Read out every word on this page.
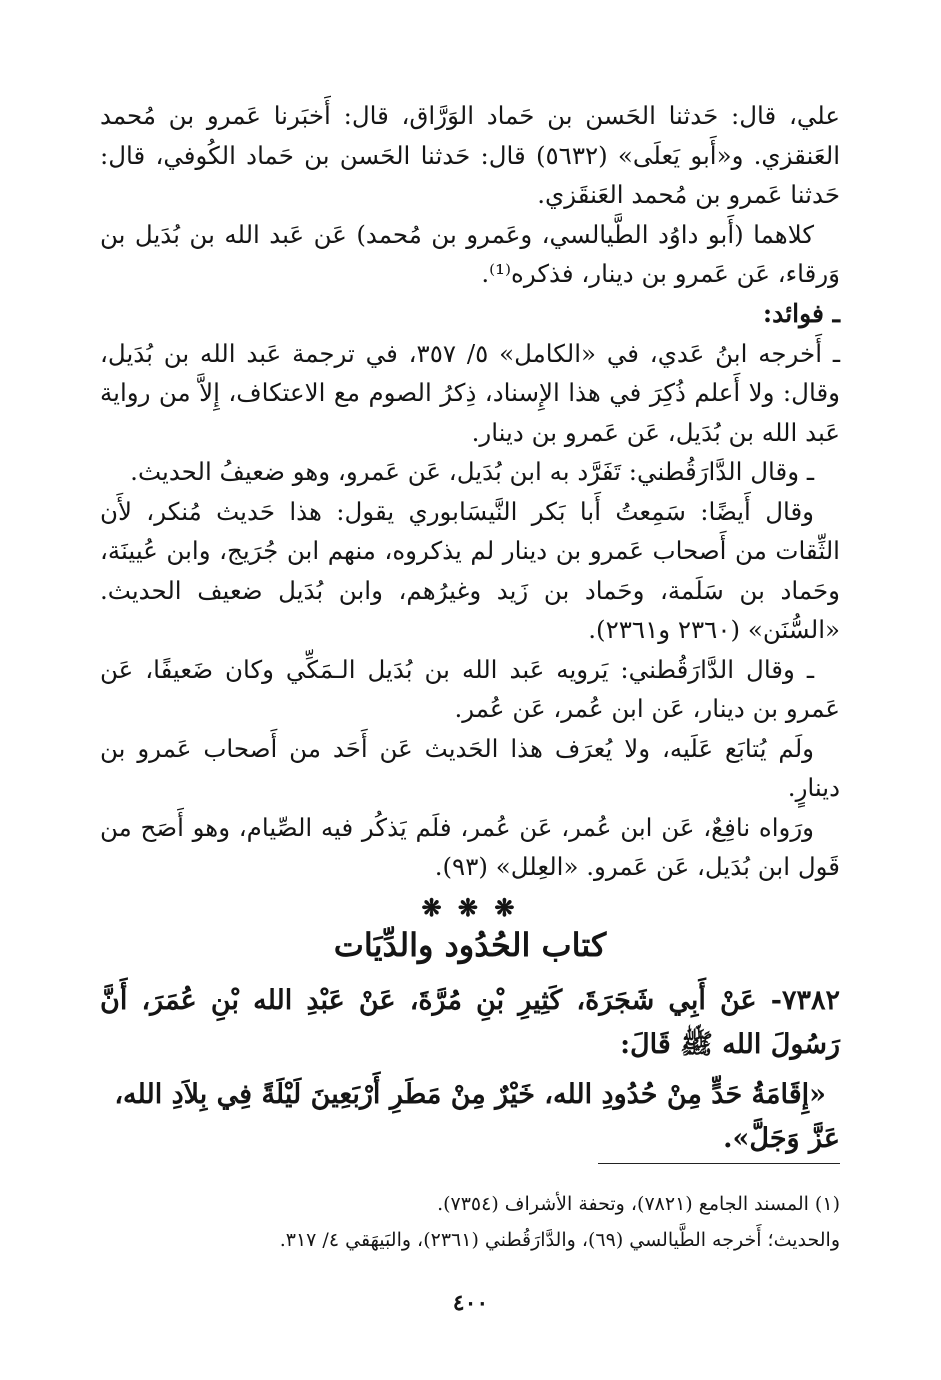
علي، قال: حَدثنا الحَسن بن حَماد الوَرَّاق، قال: أَخبَرنا عَمرو بن مُحمد العَنقزي. و«أَبو يَعلَى» (٥٦٣٢) قال: حَدثنا الحَسن بن حَماد الكُوفي، قال: حَدثنا عَمرو بن مُحمد العَنقَزي.

كلاهما (أَبو داوُد الطَّيالسي، وعَمرو بن مُحمد) عَن عَبد الله بن بُدَيل بن وَرقاء، عَن عَمرو بن دينار، فذكره⁽¹⁾.

ـ فوائد:

ـ أَخرجه ابنُ عَدي، في «الكامل» ٥/ ٣٥٧، في ترجمة عَبد الله بن بُدَيل، وقال: ولا أَعلم ذُكِرَ في هذا الإِسناد، ذِكرُ الصوم مع الاعتكاف، إِلاَّ من رواية عَبد الله بن بُدَيل، عَن عَمرو بن دينار.

ـ وقال الدَّارَقُطني: تَفَرَّد به ابن بُدَيل، عَن عَمرو، وهو ضعيفُ الحديث.

وقال أَيضًا: سَمِعتُ أَبا بَكر النَّيسَابوري يقول: هذا حَديث مُنكر، لأَن الثِّقات من أَصحاب عَمرو بن دينار لم يذكروه، منهم ابن جُرَيج، وابن عُيينَة، وحَماد بن سَلَمة، وحَماد بن زَيد وغيرُهم، وابن بُدَيل ضعيف الحديث. «السُّنَن» (٢٣٦٠ و٢٣٦١).

ـ وقال الدَّارَقُطني: يَرويه عَبد الله بن بُدَيل الـمَكِّي وكان ضَعيفًا، عَن عَمرو بن دينار، عَن ابن عُمر، عَن عُمر.

ولَم يُتابَع عَلَيه، ولا يُعرَف هذا الحَديث عَن أَحَد من أَصحاب عَمرو بن دينارٍ.

ورَواه نافِعٌ، عَن ابن عُمر، عَن عُمر، فلَم يَذكُر فيه الصِّيام، وهو أَصَح من قَول ابن بُدَيل، عَن عَمرو. «العِلل» (٩٣).

❋ ❋ ❋
كتاب الحُدُود والدِّيَات

٧٣٨٢- عَنْ أَبِي شَجَرَةَ، كَثِيرِ بْنِ مُرَّةَ، عَنْ عَبْدِ الله بْنِ عُمَرَ، أَنَّ رَسُولَ الله ﷺ قَالَ:

«إِقَامَةُ حَدٍّ مِنْ حُدُودِ الله، خَيْرٌ مِنْ مَطَرِ أَرْبَعِينَ لَيْلَةً فِي بِلاَدِ الله، عَزَّ وَجَلَّ».

(١) المسند الجامع (٧٨٢١)، وتحفة الأشراف (٧٣٥٤).

والحديث؛ أَخرجه الطَّيالسي (٦٩)، والدَّارَقُطني (٢٣٦١)، والبَيهَقي ٤/ ٣١٧.

٤٠٠
